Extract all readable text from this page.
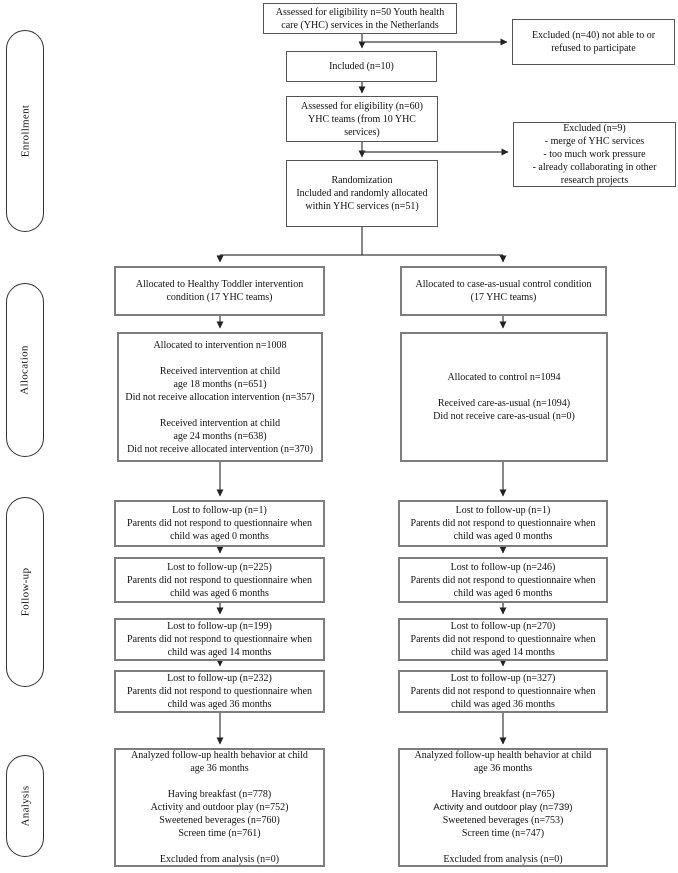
Enrollment
Allocation
Follow-up
Analysis
Assessed for eligibility n=50 Youth health
care (YHC) services in the Netherlands
Excluded (n=40) not able to or
refused to participate
Included (n=10)
Assessed for eligibility (n=60)
YHC teams (from 10 YHC
services)	Excluded (n=9)
- merge of YHC services
- too much work pressure
- already collaborating in other
research projects
Randomization
Included and randomly allocated
within YHC services (n=51)
Allocated to Healthy Toddler intervention
condition (17 YHC teams)
Allocated to case-as-usual control condition
(17 YHC teams)
Allocated to intervention n=1008

Received intervention at child
age 18 months (n=651)
Did not receive allocation intervention (n=357)

Received intervention at child
age 24 months (n=638)
Did not receive allocated intervention (n=370)
Allocated to control n=1094

Received care-as-usual (n=1094)
Did not receive care-as-usual (n=0)
Lost to follow-up (n=1)
Parents did not respond to questionnaire when
child was aged 0 months
Lost to follow-up (n=225)
Parents did not respond to questionnaire when
child was aged 6 months
Lost to follow-up (n=199)
Parents did not respond to questionnaire when
child was aged 14 months
Lost to follow-up (n=232)
Parents did not respond to questionnaire when
child was aged 36 months
Lost to follow-up (n=1)
Parents did not respond to questionnaire when
child was aged 0 months
Lost to follow-up (n=246)
Parents did not respond to questionnaire when
child was aged 6 months
Lost to follow-up (n=270)
Parents did not respond to questionnaire when
child was aged 14 months
Lost to follow-up (n=327)
Parents did not respond to questionnaire when
child was aged 36 months
Analyzed follow-up health behavior at child
age 36 months

Having breakfast (n=778)
Activity and outdoor play (n=752)
Sweetened beverages (n=760)
Screen time (n=761)

Excluded from analysis (n=0)
Analyzed follow-up health behavior at child
age 36 months

Having breakfast (n=765)
Activity and outdoor play (n=739)
Sweetened beverages (n=753)
Screen time (n=747)

Excluded from analysis (n=0)
